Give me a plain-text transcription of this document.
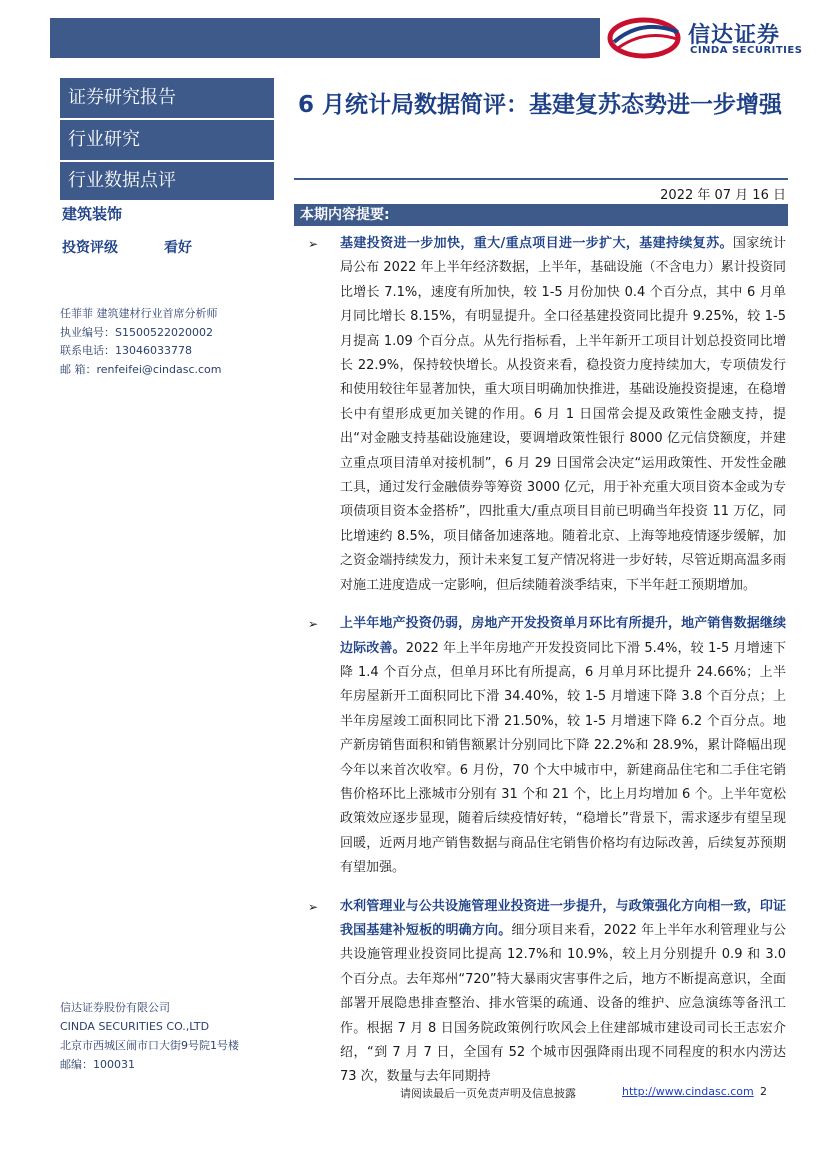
信达证券
CINDA SECURITIES
证券研究报告
行业研究
行业数据点评
建筑装饰
投资评级	看好
任菲菲 建筑建材行业首席分析师
执业编号：S1500522020002
联系电话：13046033778
邮 箱：renfeifei@cindasc.com
信达证券股份有限公司
CINDA SECURITIES CO.,LTD
北京市西城区闹市口大街9号院1号楼
邮编：100031
6 月统计局数据简评：基建复苏态势进一步增强
2022 年 07 月 16 日
本期内容提要:
➢ 基建投资进一步加快，重大/重点项目进一步扩大，基建持续复苏。国家统计局公布 2022 年上半年经济数据，上半年，基础设施（不含电力）累计投资同比增长 7.1%，速度有所加快，较 1-5 月份加快 0.4 个百分点，其中 6 月单月同比增长 8.15%，有明显提升。全口径基建投资同比提升 9.25%，较 1-5 月提高 1.09 个百分点。从先行指标看，上半年新开工项目计划总投资同比增长 22.9%，保持较快增长。从投资来看，稳投资力度持续加大，专项债发行和使用较往年显著加快，重大项目明确加快推进，基础设施投资提速，在稳增长中有望形成更加关键的作用。6 月 1 日国常会提及政策性金融支持，提出“对金融支持基础设施建设，要调增政策性银行 8000 亿元信贷额度，并建立重点项目清单对接机制”，6 月 29 日国常会决定“运用政策性、开发性金融工具，通过发行金融债券等筹资 3000 亿元，用于补充重大项目资本金或为专项债项目资本金搭桥”，四批重大/重点项目目前已明确当年投资 11 万亿，同比增速约 8.5%，项目储备加速落地。随着北京、上海等地疫情逐步缓解，加之资金端持续发力，预计未来复工复产情况将进一步好转，尽管近期高温多雨对施工进度造成一定影响，但后续随着淡季结束，下半年赶工预期增加。
➢ 上半年地产投资仍弱，房地产开发投资单月环比有所提升，地产销售数据继续边际改善。2022 年上半年房地产开发投资同比下滑 5.4%，较 1-5 月增速下降 1.4 个百分点，但单月环比有所提高，6 月单月环比提升 24.66%；上半年房屋新开工面积同比下滑 34.40%，较 1-5 月增速下降 3.8 个百分点；上半年房屋竣工面积同比下滑 21.50%，较 1-5 月增速下降 6.2 个百分点。地产新房销售面积和销售额累计分别同比下降 22.2%和 28.9%，累计降幅出现今年以来首次收窄。6 月份，70 个大中城市中，新建商品住宅和二手住宅销售价格环比上涨城市分别有 31 个和 21 个，比上月均增加 6 个。上半年宽松政策效应逐步显现，随着后续疫情好转，“稳增长”背景下，需求逐步有望呈现回暖，近两月地产销售数据与商品住宅销售价格均有边际改善，后续复苏预期有望加强。
➢ 水利管理业与公共设施管理业投资进一步提升，与政策强化方向相一致，印证我国基建补短板的明确方向。细分项目来看，2022 年上半年水利管理业与公共设施管理业投资同比提高 12.7%和 10.9%，较上月分别提升 0.9 和 3.0 个百分点。去年郑州“720”特大暴雨灾害事件之后，地方不断提高意识，全面部署开展隐患排查整治、排水管渠的疏通、设备的维护、应急演练等备汛工作。根据 7 月 8 日国务院政策例行吹风会上住建部城市建设司司长王志宏介绍，“到 7 月 7 日，全国有 52 个城市因强降雨出现不同程度的积水内涝达 73 次，数量与去年同期持
请阅读最后一页免责声明及信息披露	http://www.cindasc.com 2
